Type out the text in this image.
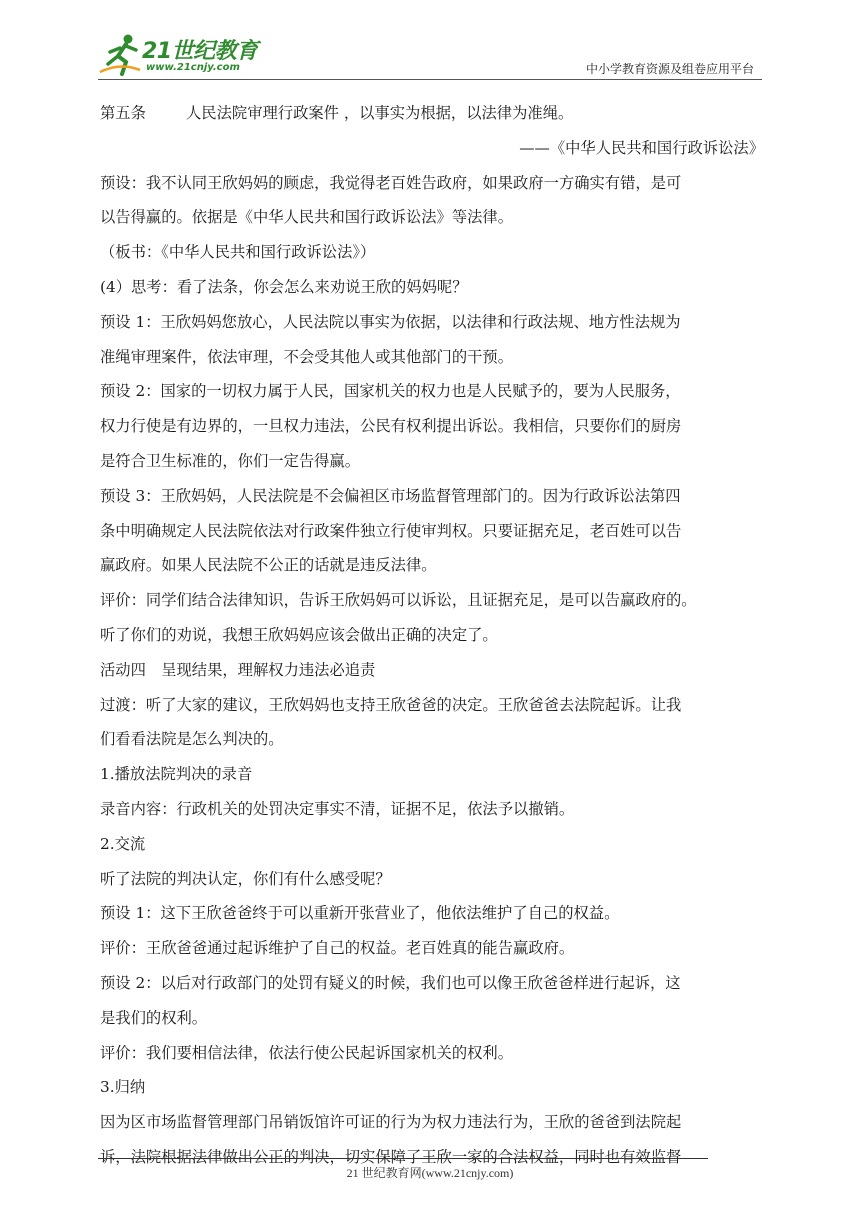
21世纪教育
www.21cnjy.com	中小学教育资源及组卷应用平台
第五条	人民法院审理行政案件 ，以事实为根据，以法律为准绳。
——《中华人民共和国行政诉讼法》
预设：我不认同王欣妈妈的顾虑，我觉得老百姓告政府，如果政府一方确实有错，是可
以告得赢的。依据是《中华人民共和国行政诉讼法》等法律。
（板书：《中华人民共和国行政诉讼法》）
(4）思考：看了法条，你会怎么来劝说王欣的妈妈呢？
预设 1：王欣妈妈您放心，人民法院以事实为依据，以法律和行政法规、地方性法规为
准绳审理案件，依法审理，不会受其他人或其他部门的干预。
预设 2：国家的一切权力属于人民，国家机关的权力也是人民赋予的，要为人民服务，
权力行使是有边界的，一旦权力违法，公民有权利提出诉讼。我相信，只要你们的厨房
是符合卫生标准的，你们一定告得赢。
预设 3：王欣妈妈，人民法院是不会偏袒区市场监督管理部门的。因为行政诉讼法第四
条中明确规定人民法院依法对行政案件独立行使审判权。只要证据充足，老百姓可以告
赢政府。如果人民法院不公正的话就是违反法律。
评价：同学们结合法律知识，告诉王欣妈妈可以诉讼，且证据充足，是可以告赢政府的。
听了你们的劝说，我想王欣妈妈应该会做出正确的决定了。
活动四　呈现结果，理解权力违法必追责
过渡：听了大家的建议，王欣妈妈也支持王欣爸爸的决定。王欣爸爸去法院起诉。让我
们看看法院是怎么判决的。
1.播放法院判决的录音
录音内容：行政机关的处罚决定事实不清，证据不足，依法予以撤销。
2.交流
听了法院的判决认定，你们有什么感受呢？
预设 1：这下王欣爸爸终于可以重新开张营业了，他依法维护了自己的权益。
评价：王欣爸爸通过起诉维护了自己的权益。老百姓真的能告赢政府。
预设 2：以后对行政部门的处罚有疑义的时候，我们也可以像王欣爸爸样进行起诉，这
是我们的权利。
评价：我们要相信法律，依法行使公民起诉国家机关的权利。
3.归纳
因为区市场监督管理部门吊销饭馆许可证的行为为权力违法行为，王欣的爸爸到法院起
诉，法院根据法律做出公正的判决，切实保障了王欣一家的合法权益，同时也有效监督
21 世纪教育网(www.21cnjy.com)
